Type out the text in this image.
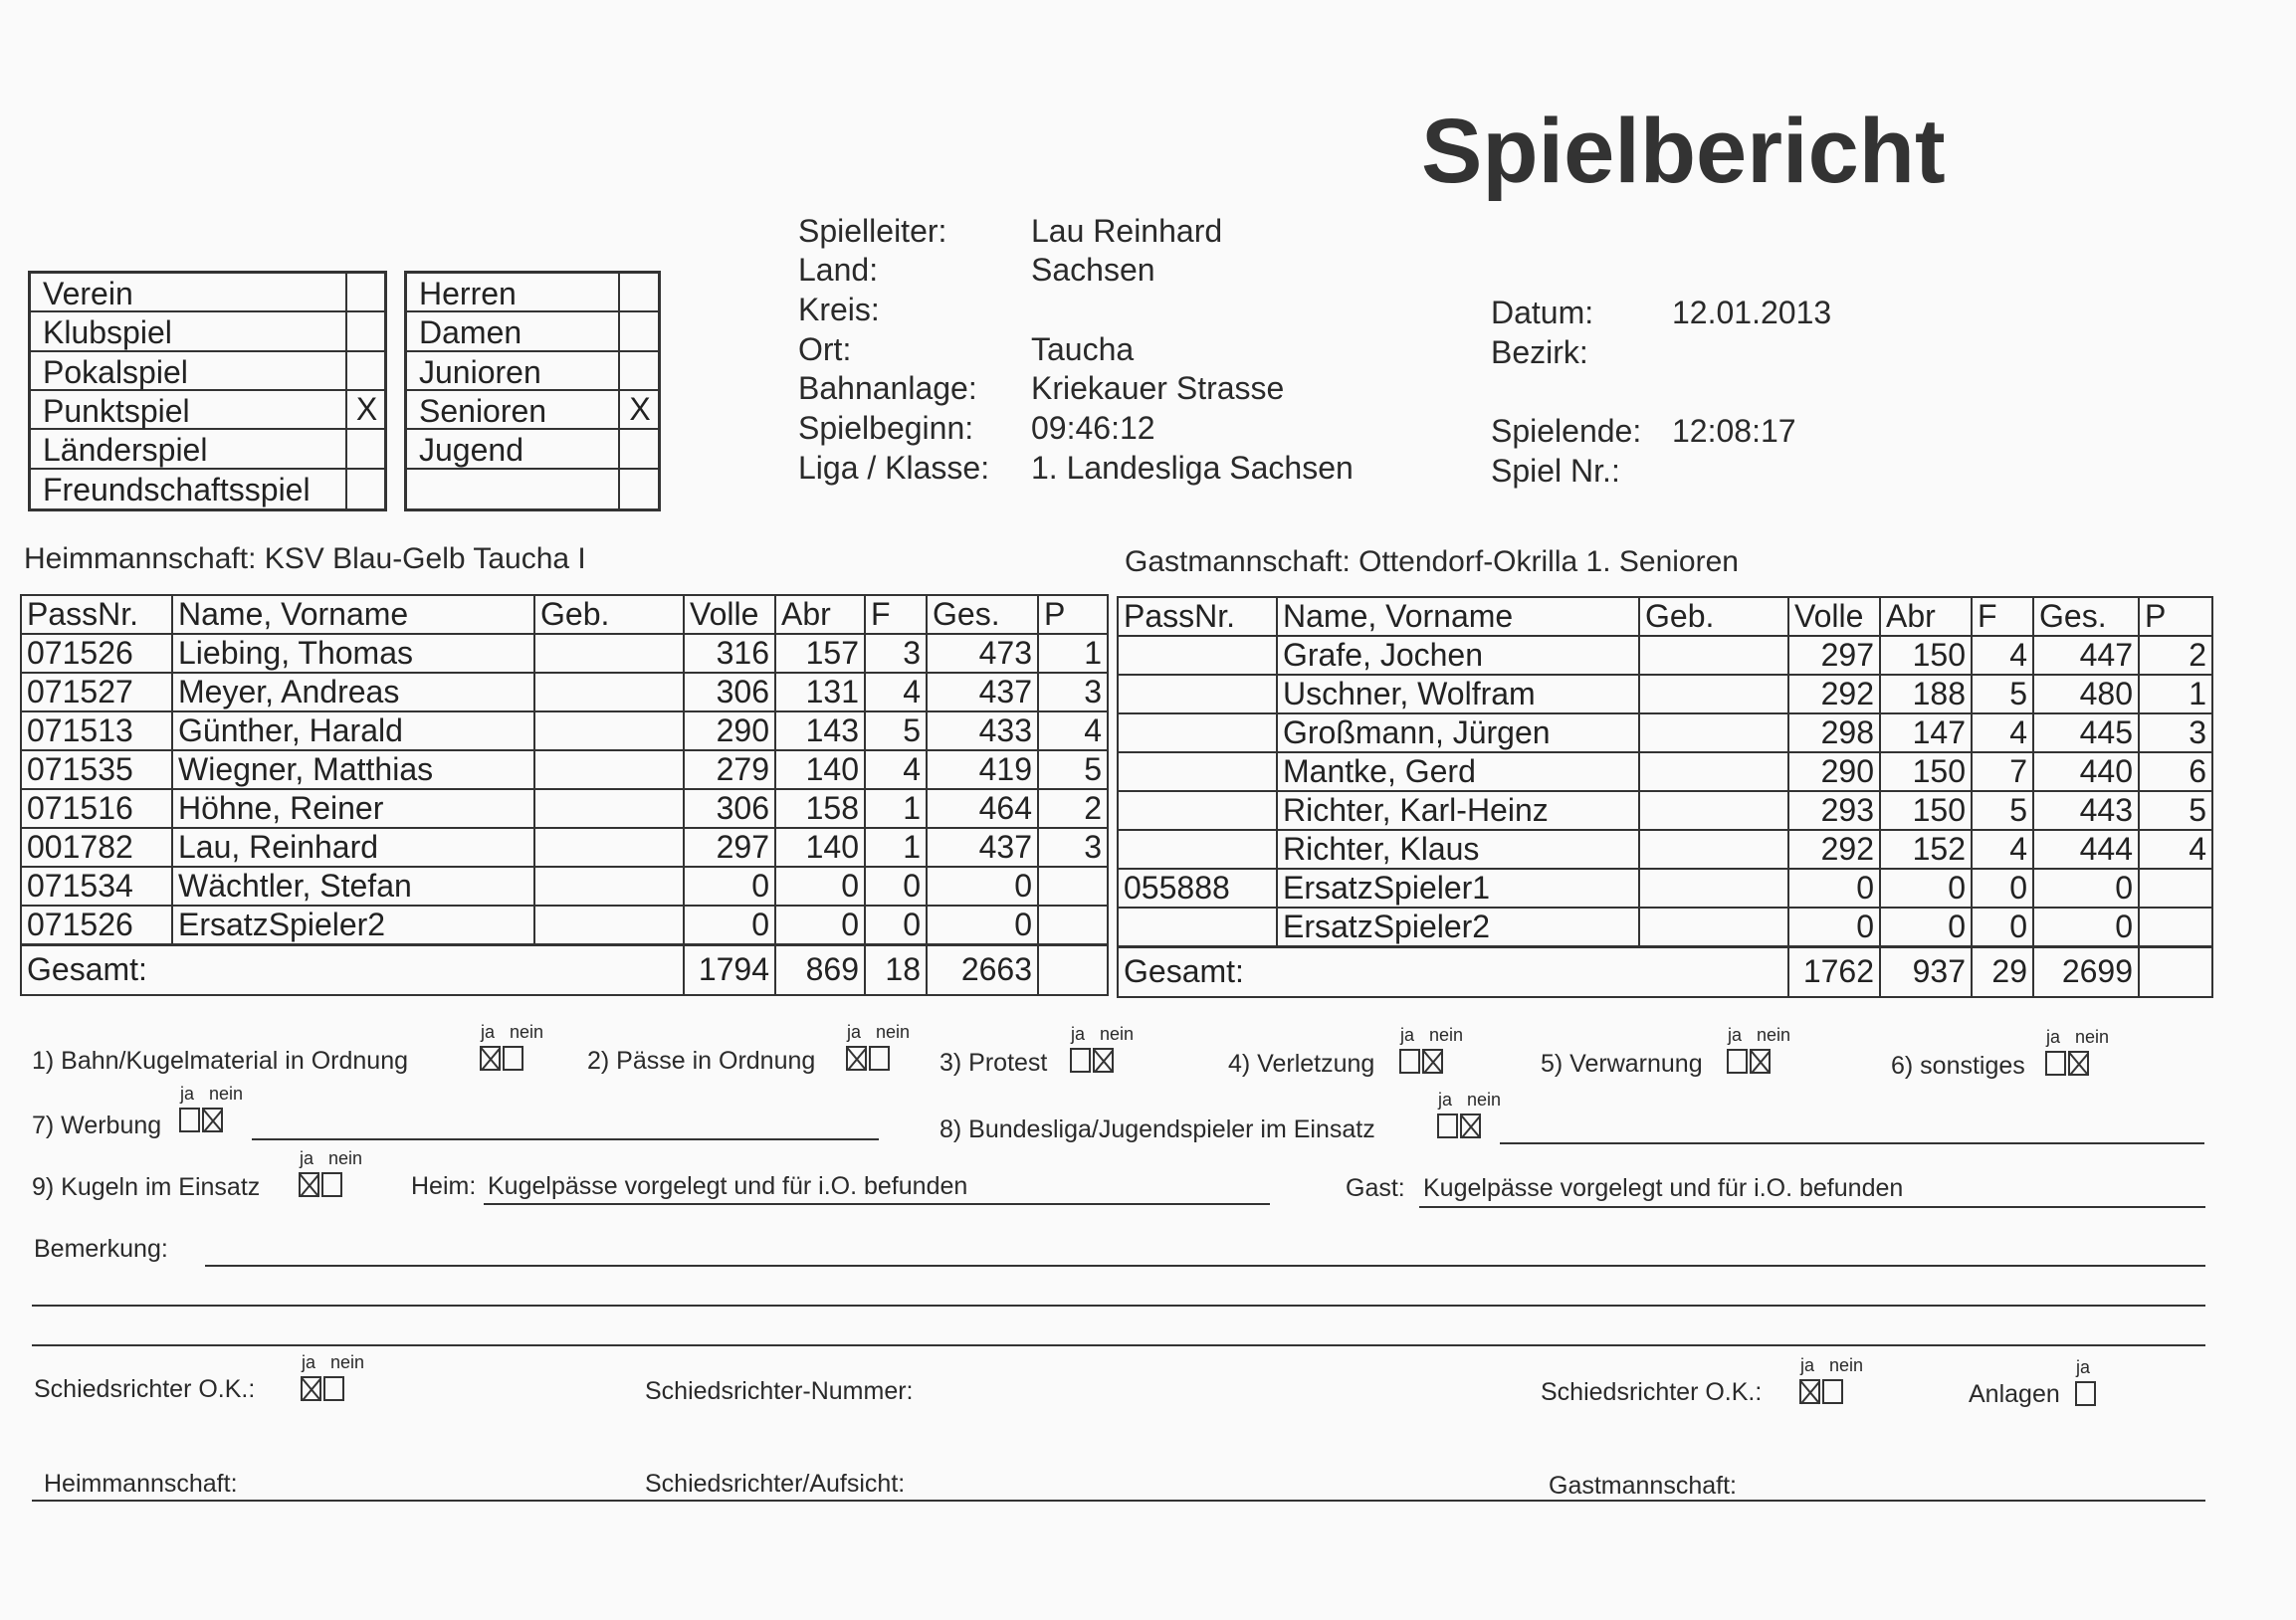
Spielbericht
Spielleiter:	Lau Reinhard
Land:	Sachsen
Kreis:
Ort:	Taucha
Bahnanlage: Kriekauer Strasse
Spielbeginn: 09:46:12
Liga / Klasse: 1. Landesliga Sachsen
Datum: 12.01.2013
Bezirk:
Spielende: 12:08:17
Spiel Nr.:
Verein
Klubspiel
Pokalspiel
Punktspiel	X
Länderspiel
Freundschaftsspiel
Herren
Damen
Junioren
Senioren	X
Jugend
Heimmannschaft: KSV Blau-Gelb Taucha I	Gastmannschaft: Ottendorf-Okrilla 1. Senioren
PassNr.	Name, Vorname	Geb.	Volle	Abr	F	Ges.	P
071526	Liebing, Thomas		316	157	3	473	1
071527	Meyer, Andreas		306	131	4	437	3
071513	Günther, Harald		290	143	5	433	4
071535	Wiegner, Matthias		279	140	4	419	5
071516	Höhne, Reiner		306	158	1	464	2
001782	Lau, Reinhard		297	140	1	437	3
071534	Wächtler, Stefan		0	0	0	0	
071526	ErsatzSpieler2		0	0	0	0	
Gesamt:			1794	869	18	2663	
PassNr.	Name, Vorname	Geb.	Volle	Abr	F	Ges.	P
	Grafe, Jochen		297	150	4	447	2
	Uschner, Wolfram		292	188	5	480	1
	Großmann, Jürgen		298	147	4	445	3
	Mantke, Gerd		290	150	7	440	6
	Richter, Karl-Heinz		293	150	5	443	5
	Richter, Klaus		292	152	4	444	4
055888	ErsatzSpieler1		0	0	0	0	
	ErsatzSpieler2		0	0	0	0	
Gesamt:			1762	937	29	2699	
1) Bahn/Kugelmaterial in Ordnung
ja nein
2) Pässe in Ordnung
ja nein
3) Protest
ja nein
4) Verletzung
ja nein
5) Verwarnung
ja nein
6) sonstiges
ja nein
7) Werbung
ja nein
8) Bundesliga/Jugendspieler im Einsatz
ja nein
9) Kugeln im Einsatz
ja nein
Heim: Kugelpässe vorgelegt und für i.O. befunden	Gast: Kugelpässe vorgelegt und für i.O. befunden
Bemerkung:
Schiedsrichter O.K.:
ja nein
Schiedsrichter-Nummer:	Schiedsrichter O.K.:
ja nein
Anlagen
ja
Heimmannschaft:	Schiedsrichter/Aufsicht:	Gastmannschaft:
